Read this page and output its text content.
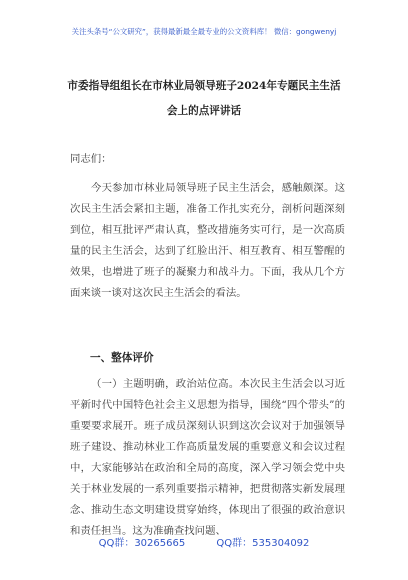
关注头条号“公文研究”，获得最新最全最专业的公文资料库！ 微信：gongwenyj
市委指导组组长在市林业局领导班子2024年专题民主生活
会上的点评讲话
同志们：

今天参加市林业局领导班子民主生活会，感触颇深。这次民主生活会紧扣主题，准备工作扎实充分，剖析问题深刻到位，相互批评严肃认真，整改措施务实可行，是一次高质量的民主生活会，达到了红脸出汗、相互教育、相互警醒的效果，也增进了班子的凝聚力和战斗力。下面，我从几个方面来谈一谈对这次民主生活会的看法。

一、整体评价

（一）主题明确，政治站位高。本次民主生活会以习近平新时代中国特色社会主义思想为指导，围绕“四个带头”的重要要求展开。班子成员深刻认识到这次会议对于加强领导班子建设、推动林业工作高质量发展的重要意义和会议过程中，大家能够站在政治和全局的高度，深入学习领会党中央关于林业发展的一系列重要指示精神，把贯彻落实新发展理念、推动生态文明建设贯穿始终，体现出了很强的政治意识和责任担当。这为准确查找问题、

QQ群：30265665	QQ群：535304092
